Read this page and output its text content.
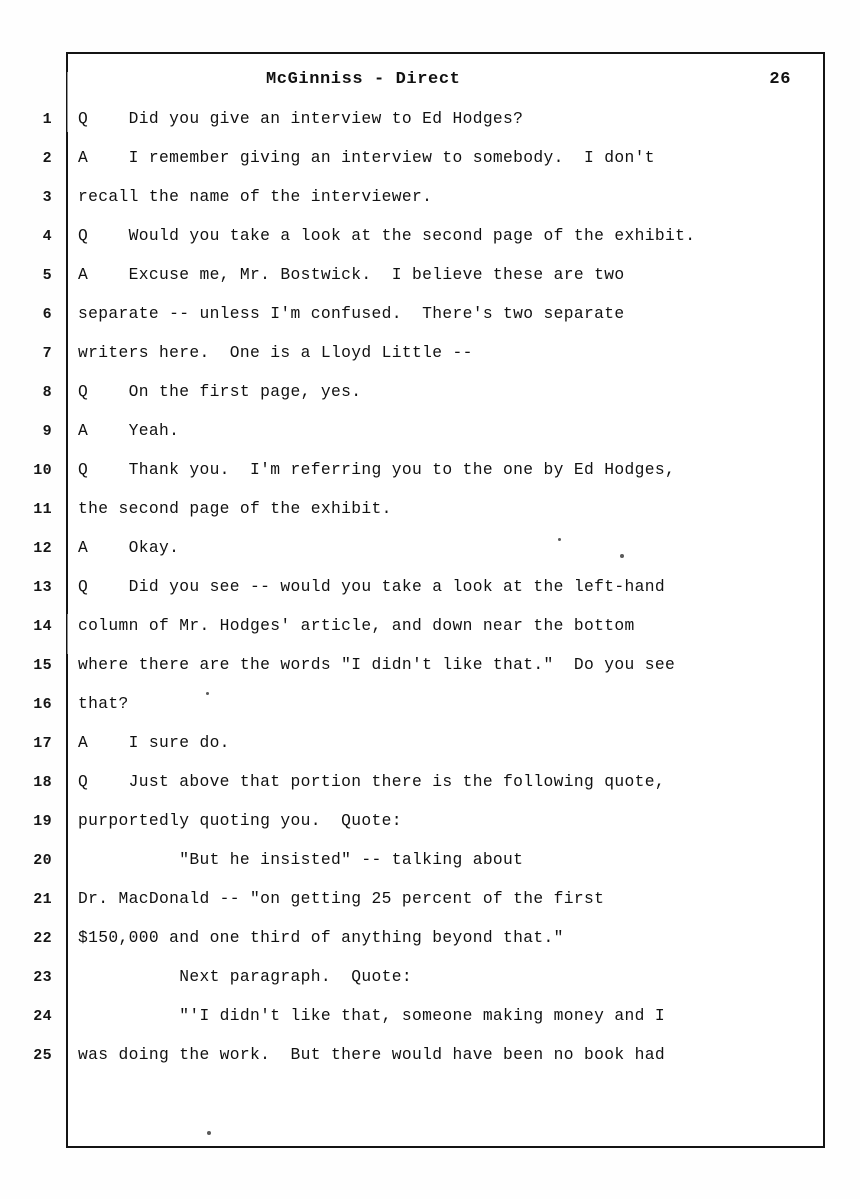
McGinniss - Direct	26
1 Q    Did you give an interview to Ed Hodges?
2 A    I remember giving an interview to somebody.  I don't
3 recall the name of the interviewer.
4 Q    Would you take a look at the second page of the exhibit.
5 A    Excuse me, Mr. Bostwick.  I believe these are two
6 separate -- unless I'm confused.  There's two separate
7 writers here.  One is a Lloyd Little --
8 Q    On the first page, yes.
9 A    Yeah.
10 Q    Thank you.  I'm referring you to the one by Ed Hodges,
11 the second page of the exhibit.
12 A    Okay.
13 Q    Did you see -- would you take a look at the left-hand
14 column of Mr. Hodges' article, and down near the bottom
15 where there are the words "I didn't like that."  Do you see
16 that?
17 A    I sure do.
18 Q    Just above that portion there is the following quote,
19 purportedly quoting you.  Quote:
20 "But he insisted" -- talking about
21 Dr. MacDonald -- "on getting 25 percent of the first
22 $150,000 and one third of anything beyond that."
23 Next paragraph.  Quote:
24 "'I didn't like that, someone making money and I
25 was doing the work.  But there would have been no book had
